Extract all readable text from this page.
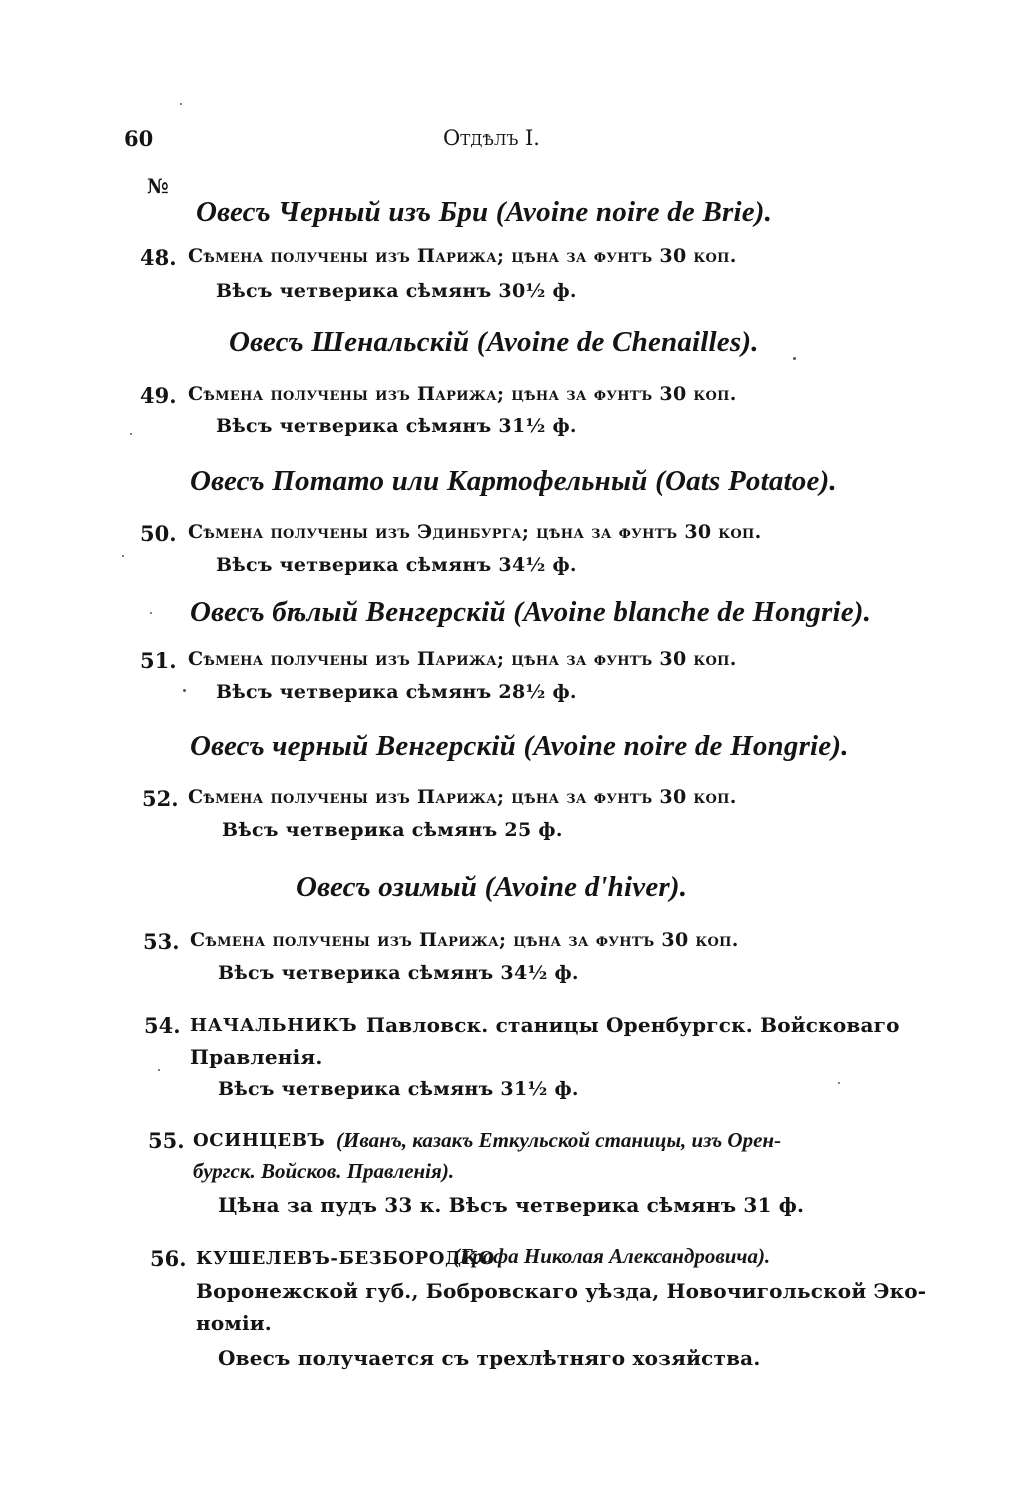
60	Отдѣлъ I.
№
Овесъ Черный изъ Бри (Avoine noire de Brie).
48. Сѣмена получены изъ Парижа; цѣна за фунтъ 30 коп.
Вѣсъ четверика сѣмянъ 30½ ф.
Овесъ Шенальскій (Avoine de Chenailles).
49. Сѣмена получены изъ Парижа; цѣна за фунтъ 30 коп.
Вѣсъ четверика сѣмянъ 31½ ф.
Овесъ Потато или Картофельный (Oats Potatoe).
50. Сѣмена получены изъ Эдинбурга; цѣна за фунтъ 30 коп.
Вѣсъ четверика сѣмянъ 34½ ф.
Овесъ бѣлый Венгерскій (Avoine blanche de Hongrie).
51. Сѣмена получены изъ Парижа; цѣна за фунтъ 30 коп.
Вѣсъ четверика сѣмянъ 28½ ф.
Овесъ черный Венгерскій (Avoine noire de Hongrie).
52. Сѣмена получены изъ Парижа; цѣна за фунтъ 30 коп.
Вѣсъ четверика сѣмянъ 25 ф.
Овесъ озимый (Avoine d'hiver).
53. Сѣмена получены изъ Парижа; цѣна за фунтъ 30 коп.
Вѣсъ четверика сѣмянъ 34½ ф.
54. НАЧАЛЬНИКЪ Павловск. станицы Оренбургск. Войсковаго
Правленія.
Вѣсъ четверика сѣмянъ 31½ ф.
55. ОСИНЦЕВЪ (Иванъ, казакъ Еткульской станицы, изъ Орен-
бургск. Войсков. Правленія).
Цѣна за пудъ 33 к. Вѣсъ четверика сѣмянъ 31 ф.
56. КУШЕЛЕВЪ-БЕЗБОРОДКО
(Графа Николая Александровича).
Воронежской губ., Бобровскаго уѣзда, Новочигольской Эко-
номіи.
Овесъ получается съ трехлѣтняго хозяйства.
